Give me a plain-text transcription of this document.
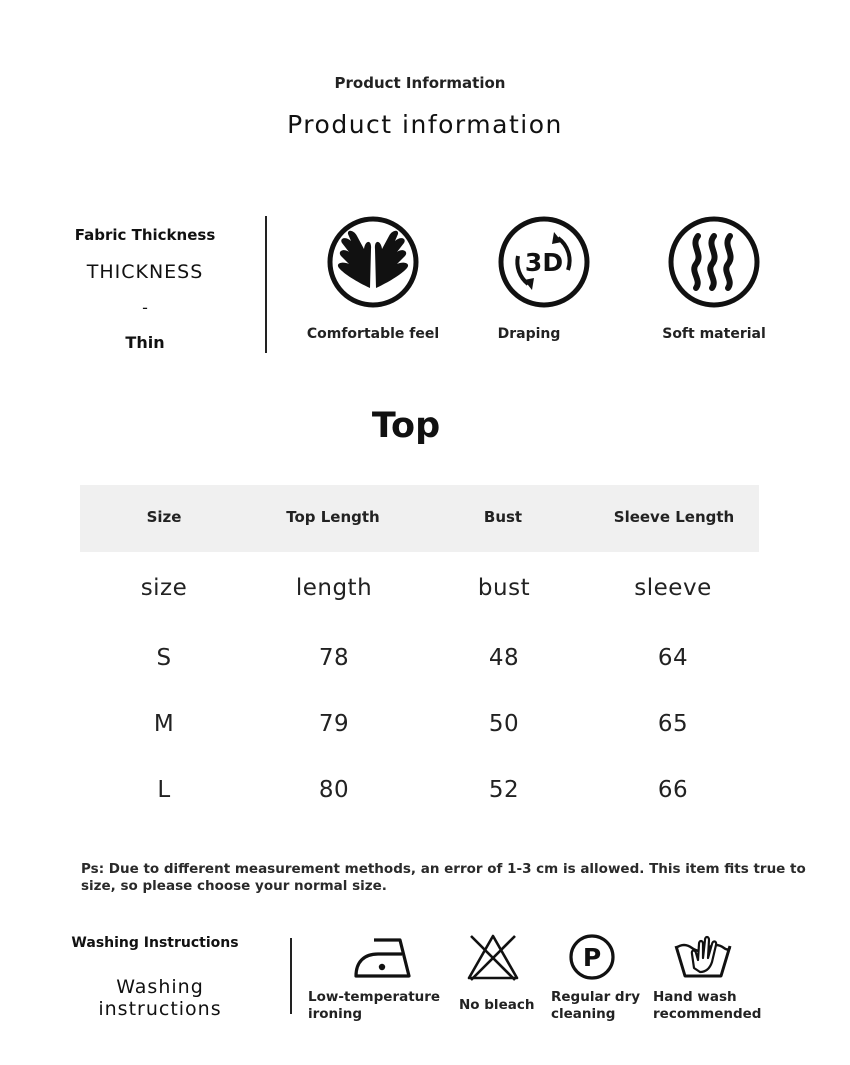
Product Information
Product information
Fabric Thickness
THICKNESS
-
Thin	Comfortable feel
3D
Draping	Soft material
Top
Size	Top Length	Bust	Sleeve Length
size	length	bust	sleeve
S	78	48	64
M	79	50	65
L	80	52	66
Ps: Due to different measurement methods, an error of 1-3 cm is allowed. This item fits true to size, so please choose your normal size.
Washing Instructions
Washing
instructions
Low-temperature
ironing
No bleach
P
Regular dry
cleaning
Hand wash
recommended
